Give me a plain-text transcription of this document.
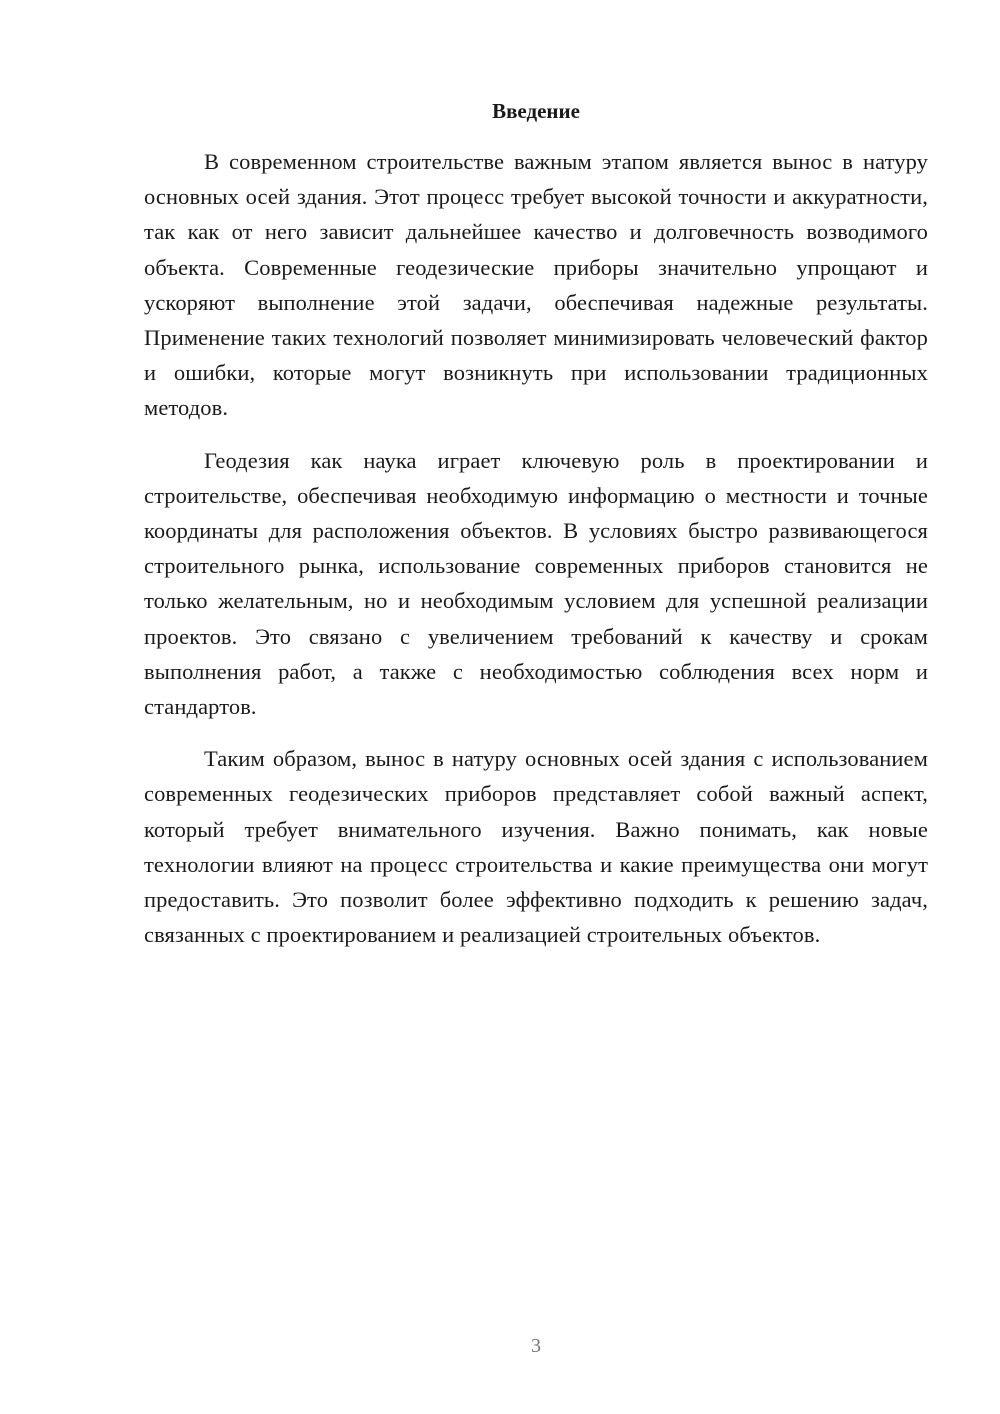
Введение

В современном строительстве важным этапом является вынос в натуру основных осей здания. Этот процесс требует высокой точности и аккуратности, так как от него зависит дальнейшее качество и долговечность возводимого объекта. Современные геодезические приборы значительно упрощают и ускоряют выполнение этой задачи, обеспечивая надежные результаты. Применение таких технологий позволяет минимизировать человеческий фактор и ошибки, которые могут возникнуть при использовании традиционных методов.

Геодезия как наука играет ключевую роль в проектировании и строительстве, обеспечивая необходимую информацию о местности и точные координаты для расположения объектов. В условиях быстро развивающегося строительного рынка, использование современных приборов становится не только желательным, но и необходимым условием для успешной реализации проектов. Это связано с увеличением требований к качеству и срокам выполнения работ, а также с необходимостью соблюдения всех норм и стандартов.

Таким образом, вынос в натуру основных осей здания с использованием современных геодезических приборов представляет собой важный аспект, который требует внимательного изучения. Важно понимать, как новые технологии влияют на процесс строительства и какие преимущества они могут предоставить. Это позволит более эффективно подходить к решению задач, связанных с проектированием и реализацией строительных объектов.

3
